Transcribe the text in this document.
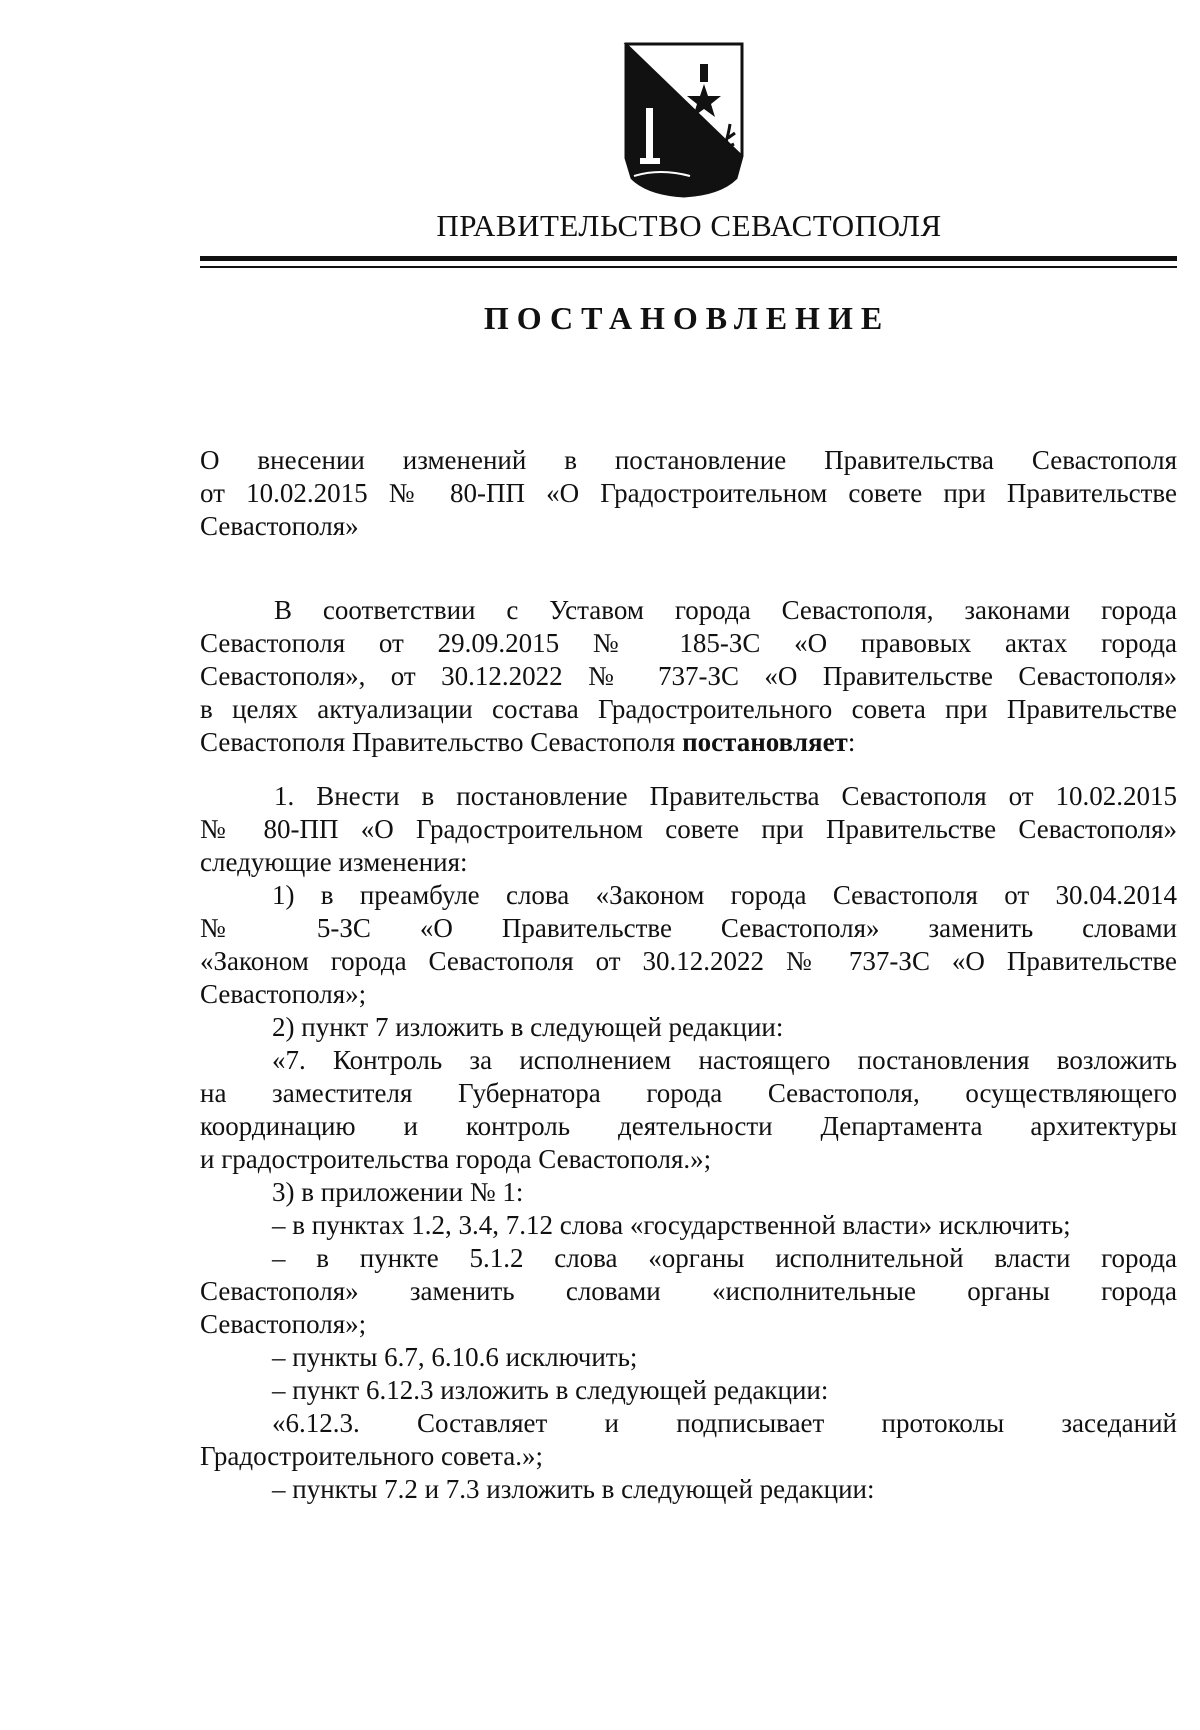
ПРАВИТЕЛЬСТВО СЕВАСТОПОЛЯ
ПОСТАНОВЛЕНИЕ
О внесении изменений в постановление Правительства Севастополя
от 10.02.2015 № 80-ПП «О Градостроительном совете при Правительстве
Севастополя»
В соответствии с Уставом города Севастополя, законами города
Севастополя от 29.09.2015 № 185-ЗС «О правовых актах города
Севастополя», от 30.12.2022 № 737-ЗС «О Правительстве Севастополя»
в целях актуализации состава Градостроительного совета при Правительстве
Севастополя Правительство Севастополя постановляет:
1. Внести в постановление Правительства Севастополя от 10.02.2015
№ 80-ПП «О Градостроительном совете при Правительстве Севастополя»
следующие изменения:
1) в преамбуле слова «Законом города Севастополя от 30.04.2014
№ 5-ЗС «О Правительстве Севастополя» заменить словами
«Законом города Севастополя от 30.12.2022 № 737-ЗС «О Правительстве
Севастополя»;
2) пункт 7 изложить в следующей редакции:
«7. Контроль за исполнением настоящего постановления возложить
на заместителя Губернатора города Севастополя, осуществляющего
координацию и контроль деятельности Департамента архитектуры
и градостроительства города Севастополя.»;
3) в приложении № 1:
– в пунктах 1.2, 3.4, 7.12 слова «государственной власти» исключить;
– в пункте 5.1.2 слова «органы исполнительной власти города
Севастополя» заменить словами «исполнительные органы города
Севастополя»;
– пункты 6.7, 6.10.6 исключить;
– пункт 6.12.3 изложить в следующей редакции:
«6.12.3. Составляет и подписывает протоколы заседаний
Градостроительного совета.»;
– пункты 7.2 и 7.3 изложить в следующей редакции:
